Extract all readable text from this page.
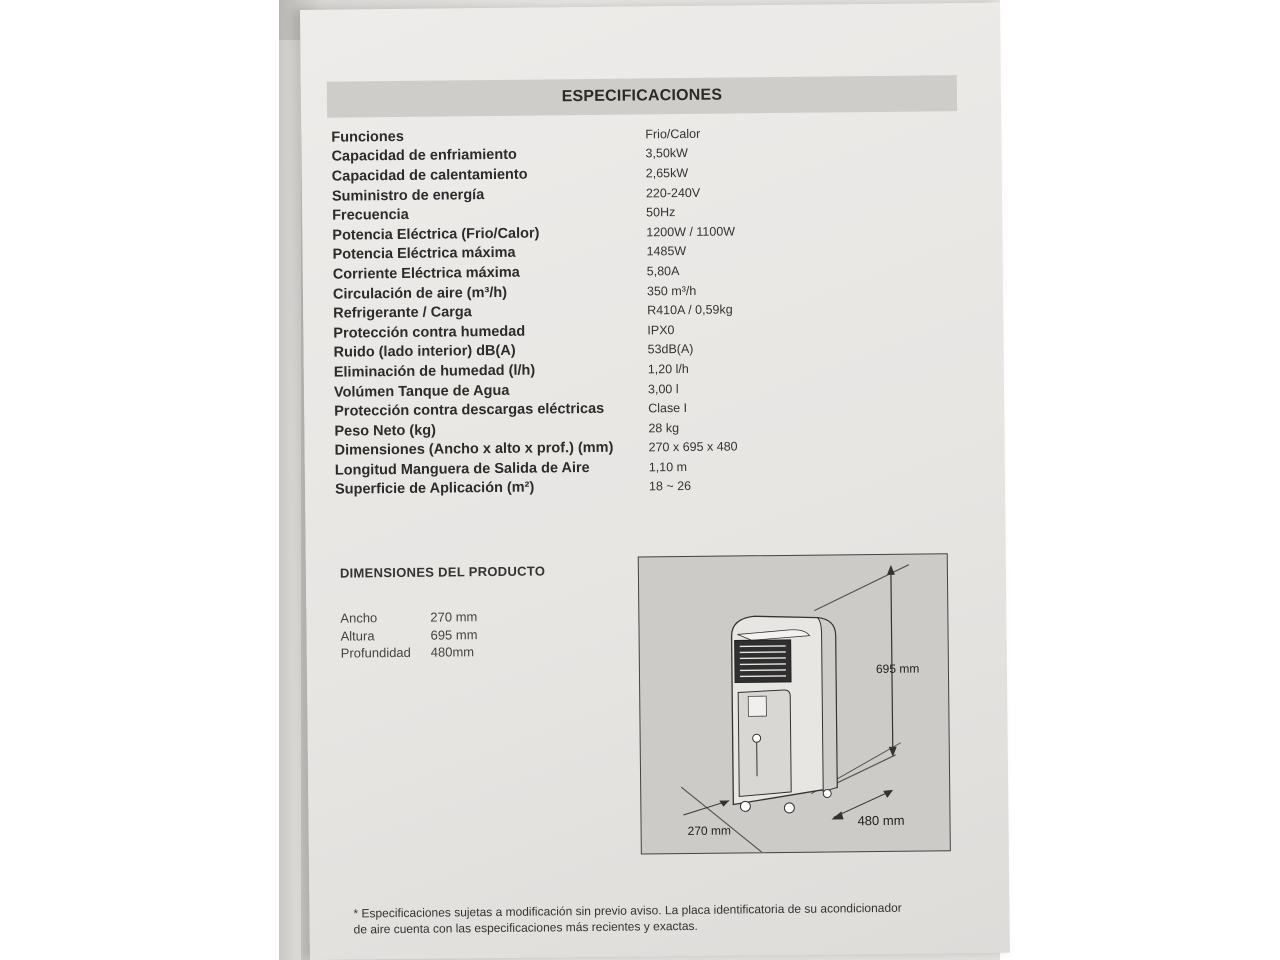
ESPECIFICACIONES
Funciones	Frio/Calor
Capacidad de enfriamiento	3,50kW
Capacidad de calentamiento	2,65kW
Suministro de energía	220-240V
Frecuencia	50Hz
Potencia Eléctrica (Frio/Calor)	1200W / 1100W
Potencia Eléctrica máxima	1485W
Corriente Eléctrica máxima	5,80A
Circulación de aire (m³/h)	350 m³/h
Refrigerante / Carga	R410A / 0,59kg
Protección contra humedad	IPX0
Ruido (lado interior) dB(A)	53dB(A)
Eliminación de humedad (l/h)	1,20 l/h
Volúmen Tanque de Agua	3,00 l
Protección contra descargas eléctricas	Clase I
Peso Neto (kg)	28 kg
Dimensiones (Ancho x alto x prof.) (mm)	270 x 695 x 480
Longitud Manguera de Salida de Aire	1,10 m
Superficie de Aplicación (m²)	18 ~ 26
DIMENSIONES DEL PRODUCTO
Ancho	270 mm
Altura	695 mm
Profundidad	480mm
695 mm
270 mm
480 mm
* Especificaciones sujetas a modificación sin previo aviso. La placa identificatoria de su acondicionador de aire cuenta con las especificaciones más recientes y exactas.
